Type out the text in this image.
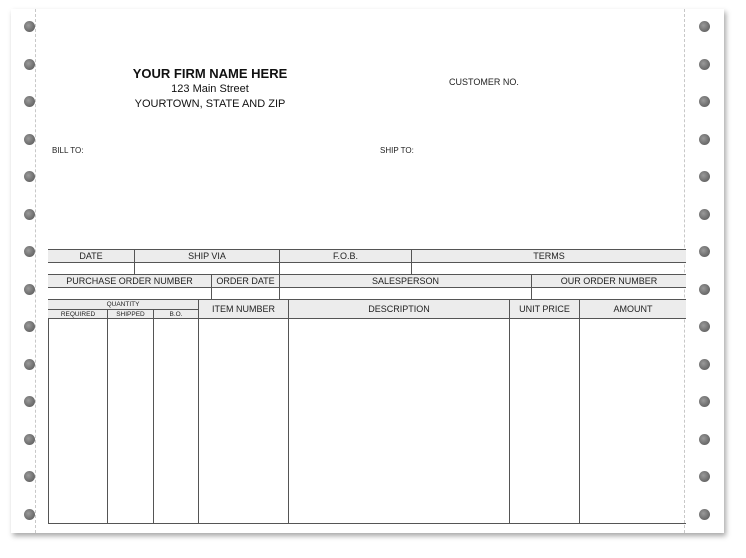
YOUR FIRM NAME HERE
123 Main Street
YOURTOWN, STATE AND ZIP
CUSTOMER NO.
BILL TO:	SHIP TO:
DATE	SHIP VIA	F.O.B.	TERMS
PURCHASE ORDER NUMBER	ORDER DATE	SALESPERSON	OUR ORDER NUMBER
QUANTITY
REQUIRED	SHIPPED	B.O.	ITEM NUMBER	DESCRIPTION	UNIT PRICE	AMOUNT
